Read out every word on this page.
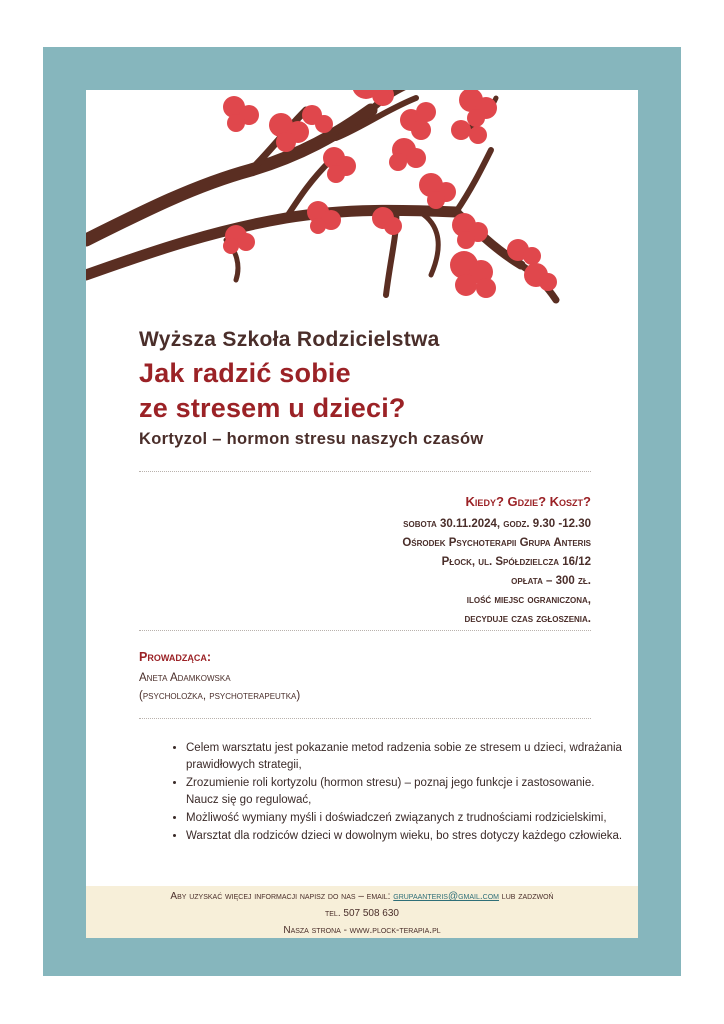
Wyższa Szkoła Rodzicielstwa
Jak radzić sobie
ze stresem u dzieci?
Kortyzol – hormon stresu naszych czasów
Kiedy? Gdzie? Koszt?
sobota 30.11.2024, godz. 9.30 -12.30
Ośrodek Psychoterapii Grupa Anteris
Płock, ul. Spółdzielcza 16/12
opłata – 300 zł.
ilość miejsc ograniczona,
decyduje czas zgłoszenia.
Prowadząca:
Aneta Adamkowska
(psycholożka, psychoterapeutka)
• Celem warsztatu jest pokazanie metod radzenia sobie ze stresem u dzieci, wdrażania prawidłowych strategii,
• Zrozumienie roli kortyzolu (hormon stresu) – poznaj jego funkcje i zastosowanie. Naucz się go regulować,
• Możliwość wymiany myśli i doświadczeń związanych z trudnościami rodzicielskimi,
• Warsztat dla rodziców dzieci w dowolnym wieku, bo stres dotyczy każdego człowieka.
Aby uzyskać więcej informacji napisz do nas – email: grupaanteris@gmail.com lub zadzwoń
tel. 507 508 630
Nasza strona - www.plock-terapia.pl
